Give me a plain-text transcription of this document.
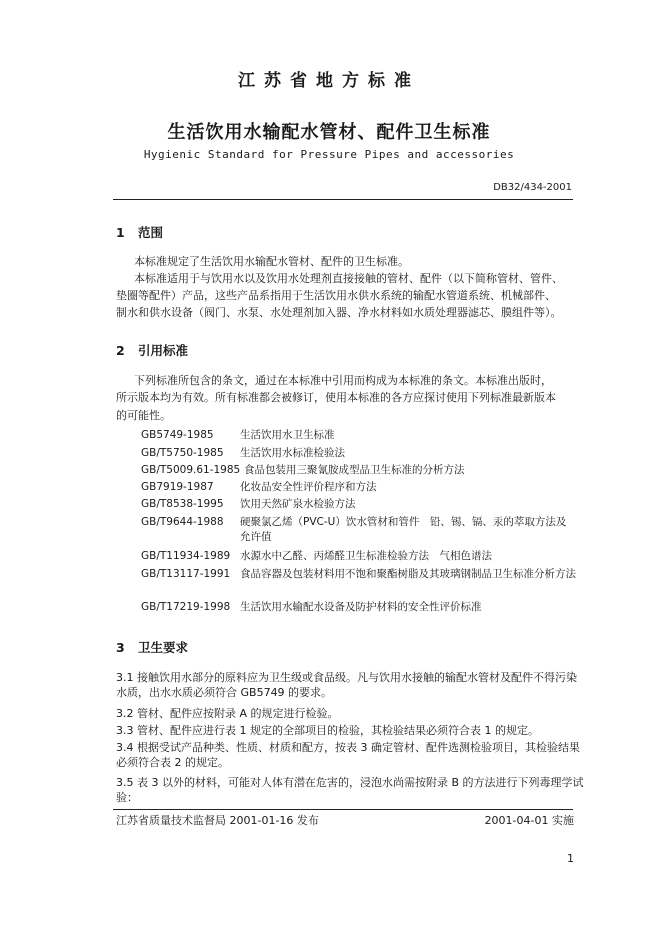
江苏省地方标准
生活饮用水输配水管材、配件卫生标准
Hygienic Standard for Pressure Pipes and accessories
DB32/434-2001
1 范围
本标准规定了生活饮用水输配水管材、配件的卫生标准。
本标准适用于与饮用水以及饮用水处理剂直接接触的管材、配件（以下简称管材、管件、
垫圈等配件）产品，这些产品系指用于生活饮用水供水系统的输配水管道系统、机械部件、
制水和供水设备（阀门、水泵、水处理剂加入器、净水材料如水质处理器滤芯、膜组件等）。
2 引用标准
下列标准所包含的条文，通过在本标准中引用而构成为本标准的条文。本标准出版时，
所示版本均为有效。所有标准都会被修订，使用本标准的各方应探讨使用下列标准最新版本
的可能性。
GB5749-1985	生活饮用水卫生标准
GB/T5750-1985 生活饮用水标准检验法
GB/T5009.61-1985 食品包装用三聚氰胺成型品卫生标准的分析方法
GB7919-1987	化妆品安全性评价程序和方法
GB/T8538-1995 饮用天然矿泉水检验方法
GB/T9644-1988 硬聚氯乙烯（PVC-U）饮水管材和管件　铅、锡、镉、汞的萃取方法及允许值
GB/T11934-1989 水源水中乙醛、丙烯醛卫生标准检验方法　气相色谱法
GB/T13117-1991 食品容器及包装材料用不饱和聚酯树脂及其玻璃钢制品卫生标准分析方法
GB/T17219-1998 生活饮用水输配水设备及防护材料的安全性评价标准
3 卫生要求
3.1 接触饮用水部分的原料应为卫生级或食品级。凡与饮用水接触的输配水管材及配件不得污染水质，出水水质必须符合 GB5749 的要求。
3.2 管材、配件应按附录 A 的规定进行检验。
3.3 管材、配件应进行表 1 规定的全部项目的检验，其检验结果必须符合表 1 的规定。
3.4 根据受试产品种类、性质、材质和配方，按表 3 确定管材、配件选测检验项目，其检验结果必须符合表 2 的规定。
3.5 表 3 以外的材料，可能对人体有潜在危害的，浸泡水尚需按附录 B 的方法进行下列毒理学试验：
江苏省质量技术监督局 2001-01-16 发布	2001-04-01 实施
1
